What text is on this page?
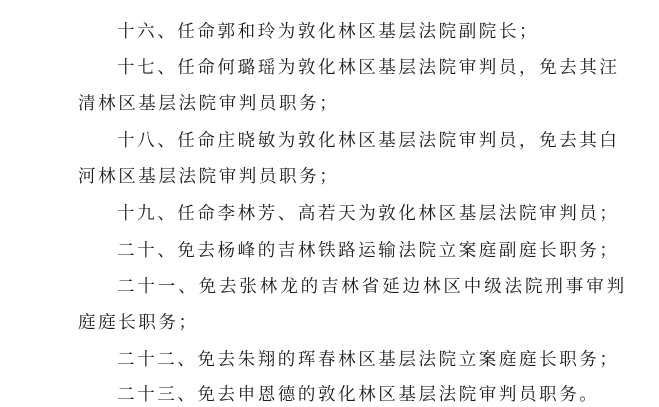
十六、任命郭和玲为敦化林区基层法院副院长；
十七、任命何璐瑶为敦化林区基层法院审判员，免去其汪
清林区基层法院审判员职务；
十八、任命庄晓敏为敦化林区基层法院审判员，免去其白
河林区基层法院审判员职务；
十九、任命李林芳、高若天为敦化林区基层法院审判员；
二十、免去杨峰的吉林铁路运输法院立案庭副庭长职务；
二十一、免去张林龙的吉林省延边林区中级法院刑事审判
庭庭长职务；
二十二、免去朱翔的珲春林区基层法院立案庭庭长职务；
二十三、免去申恩德的敦化林区基层法院审判员职务。
